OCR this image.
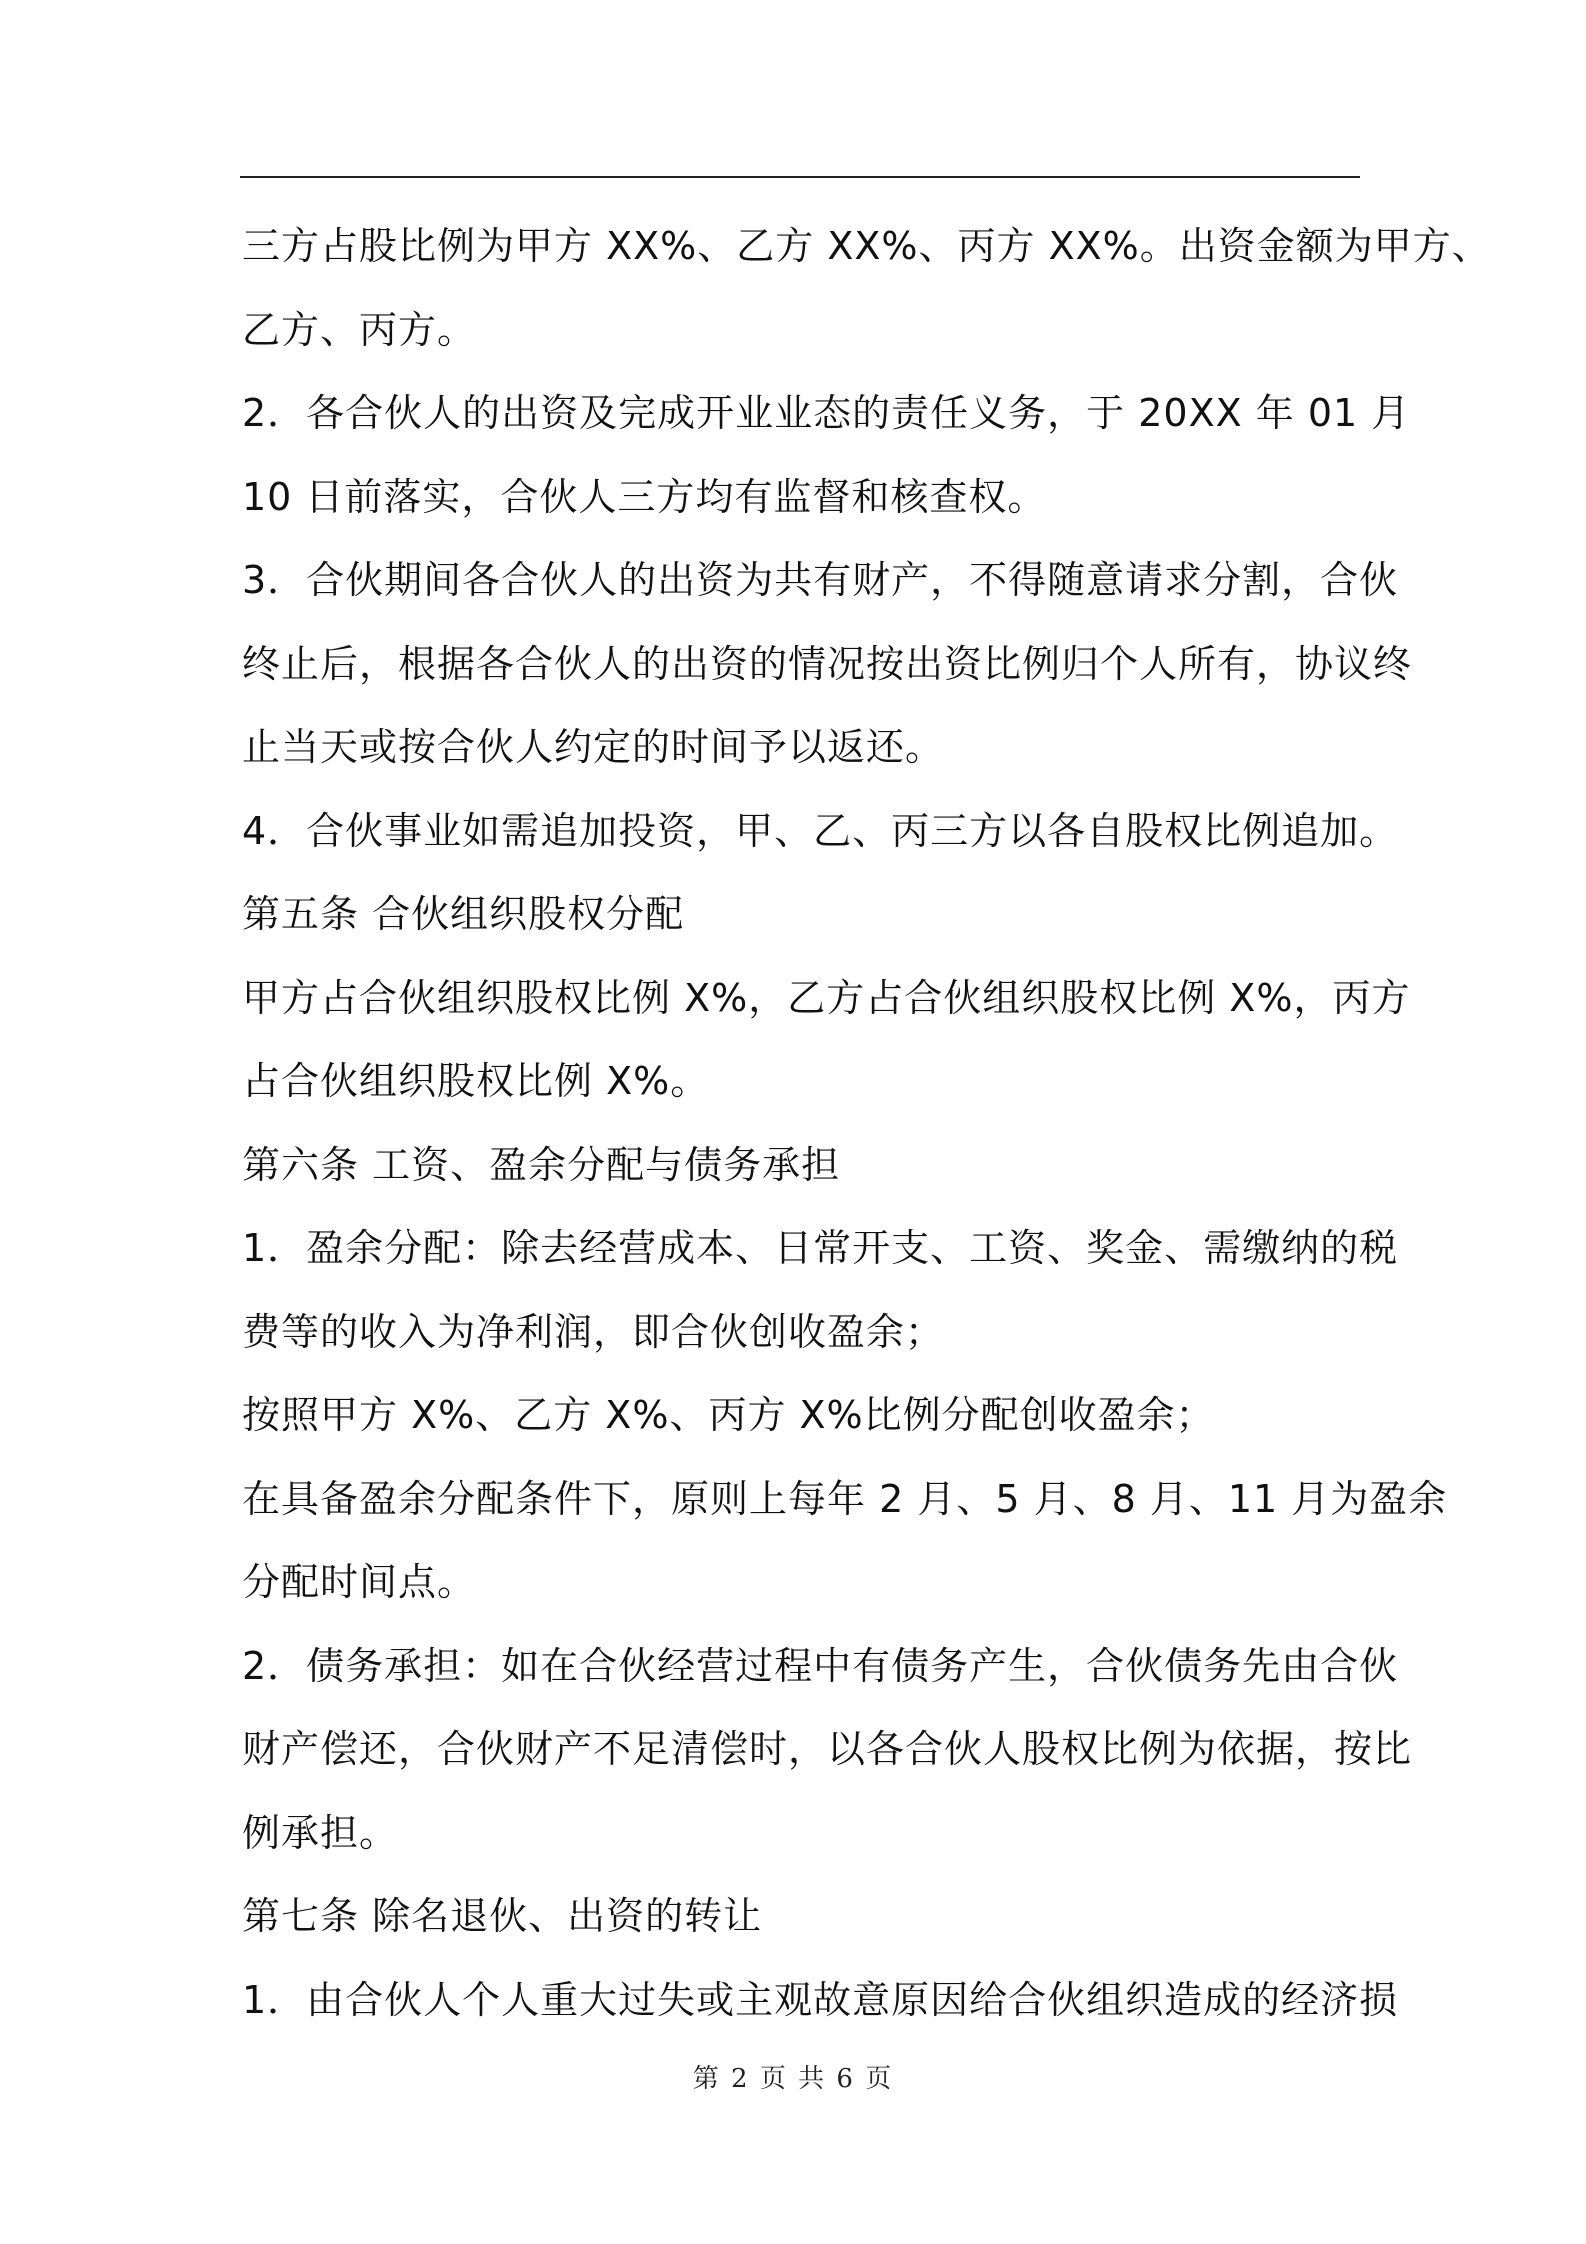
三方占股比例为甲方 XX%、乙方 XX%、丙方 XX%。出资金额为甲方、
乙方、丙方。
2．各合伙人的出资及完成开业业态的责任义务，于 20XX 年 01 月
10 日前落实，合伙人三方均有监督和核查权。
3．合伙期间各合伙人的出资为共有财产，不得随意请求分割，合伙
终止后，根据各合伙人的出资的情况按出资比例归个人所有，协议终
止当天或按合伙人约定的时间予以返还。
4．合伙事业如需追加投资，甲、乙、丙三方以各自股权比例追加。
第五条 合伙组织股权分配
甲方占合伙组织股权比例 X%，乙方占合伙组织股权比例 X%，丙方
占合伙组织股权比例 X%。
第六条 工资、盈余分配与债务承担
1．盈余分配：除去经营成本、日常开支、工资、奖金、需缴纳的税
费等的收入为净利润，即合伙创收盈余；
按照甲方 X%、乙方 X%、丙方 X%比例分配创收盈余；
在具备盈余分配条件下，原则上每年 2 月、5 月、8 月、11 月为盈余
分配时间点。
2．债务承担：如在合伙经营过程中有债务产生，合伙债务先由合伙
财产偿还，合伙财产不足清偿时，以各合伙人股权比例为依据，按比
例承担。
第七条 除名退伙、出资的转让
1．由合伙人个人重大过失或主观故意原因给合伙组织造成的经济损
第 2 页 共 6 页
